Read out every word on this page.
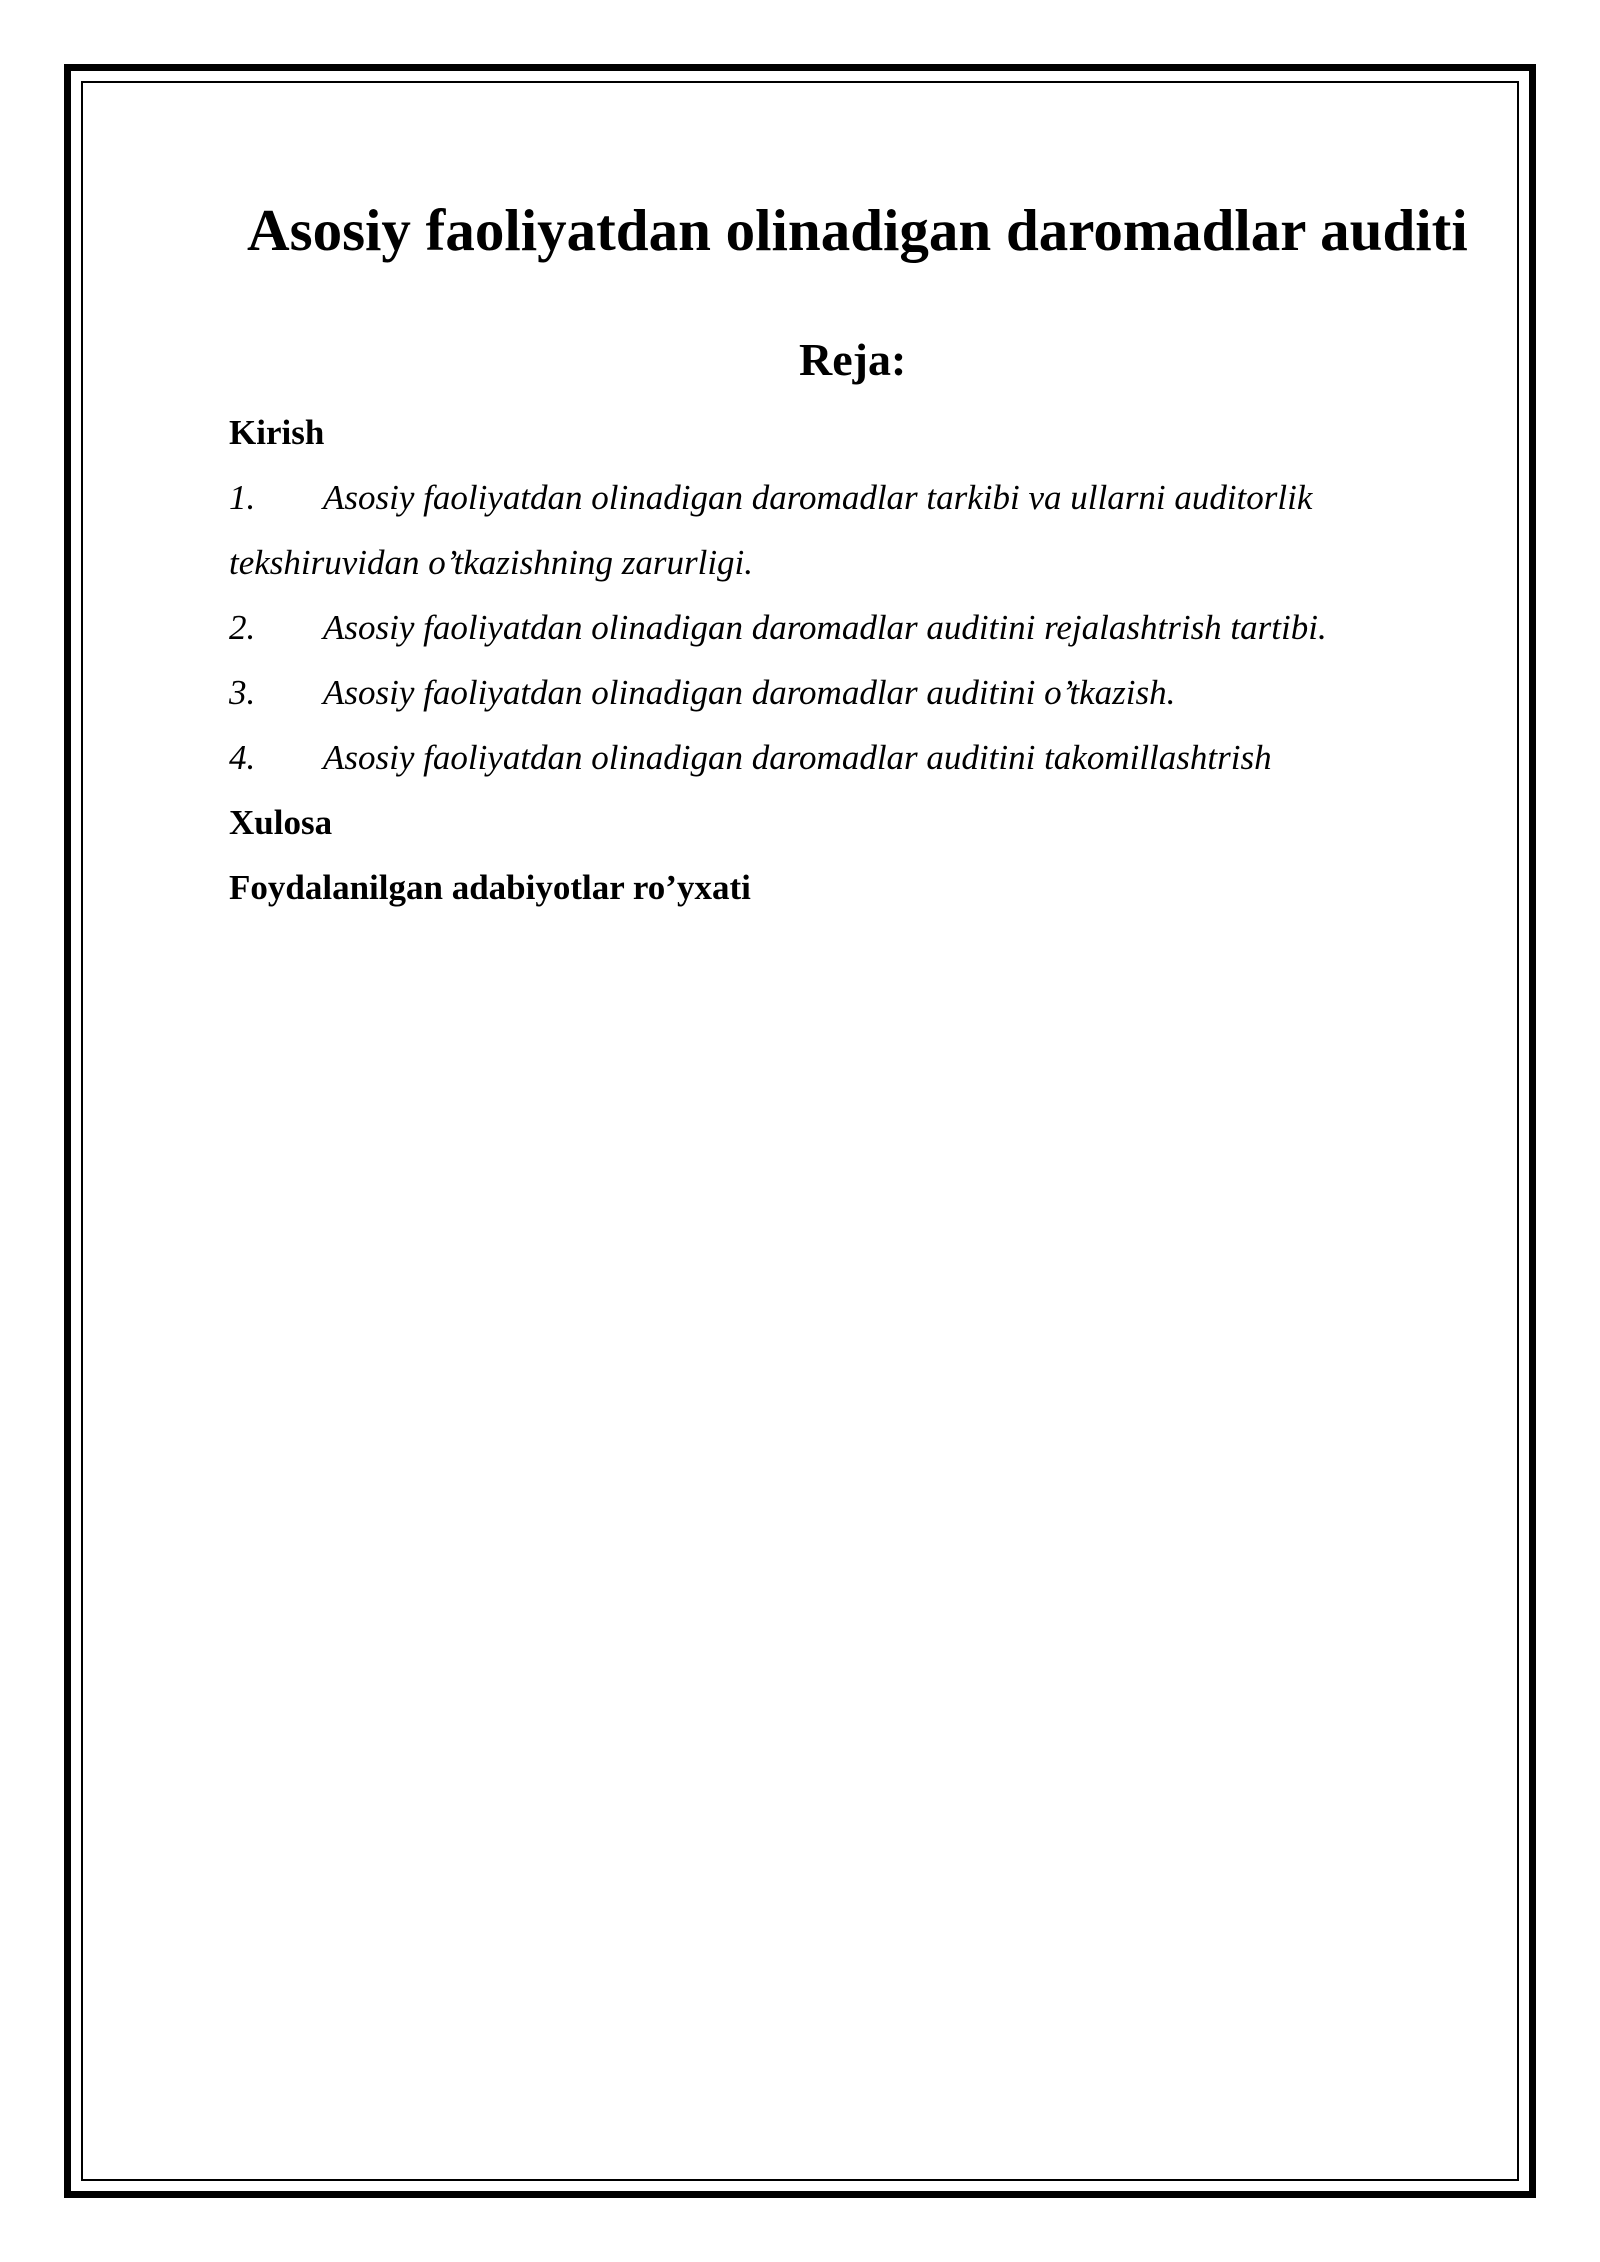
Asosiy faoliyatdan olinadigan daromadlar auditi
Reja:

Kirish

1. Asosiy faoliyatdan olinadigan daromadlar tarkibi va ullarni auditorlik
tekshiruvidan o’tkazishning zarurligi.
2. Asosiy faoliyatdan olinadigan daromadlar auditini rejalashtrish tartibi.
3. Asosiy faoliyatdan olinadigan daromadlar auditini o’tkazish.
4. Asosiy faoliyatdan olinadigan daromadlar auditini takomillashtrish

Xulosa

Foydalanilgan adabiyotlar ro’yxati
